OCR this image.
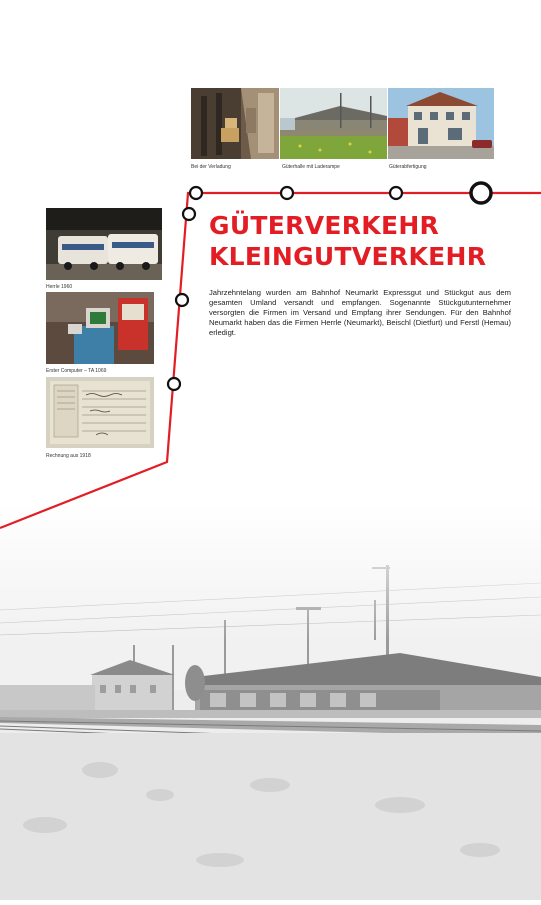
Bei der Verladung	Güterhalle mit Laderampe	Güterabfertigung
Herrle 1960
Erster Computer – TA 1069
Rechnung aus 1918
GÜTERVERKEHR
KLEINGUTVERKEHR

Jahrzehntelang wurden am Bahnhof Neumarkt Expressgut und Stückgut aus dem gesamten Umland versandt und empfangen. Sogenannte Stückgutunternehmer versorgten die Firmen im Versand und Empfang ihrer Sendungen. Für den Bahnhof Neumarkt haben das die Firmen Herrle (Neumarkt), Beischl (Dietfurt) und Ferstl (Hemau) erledigt.
